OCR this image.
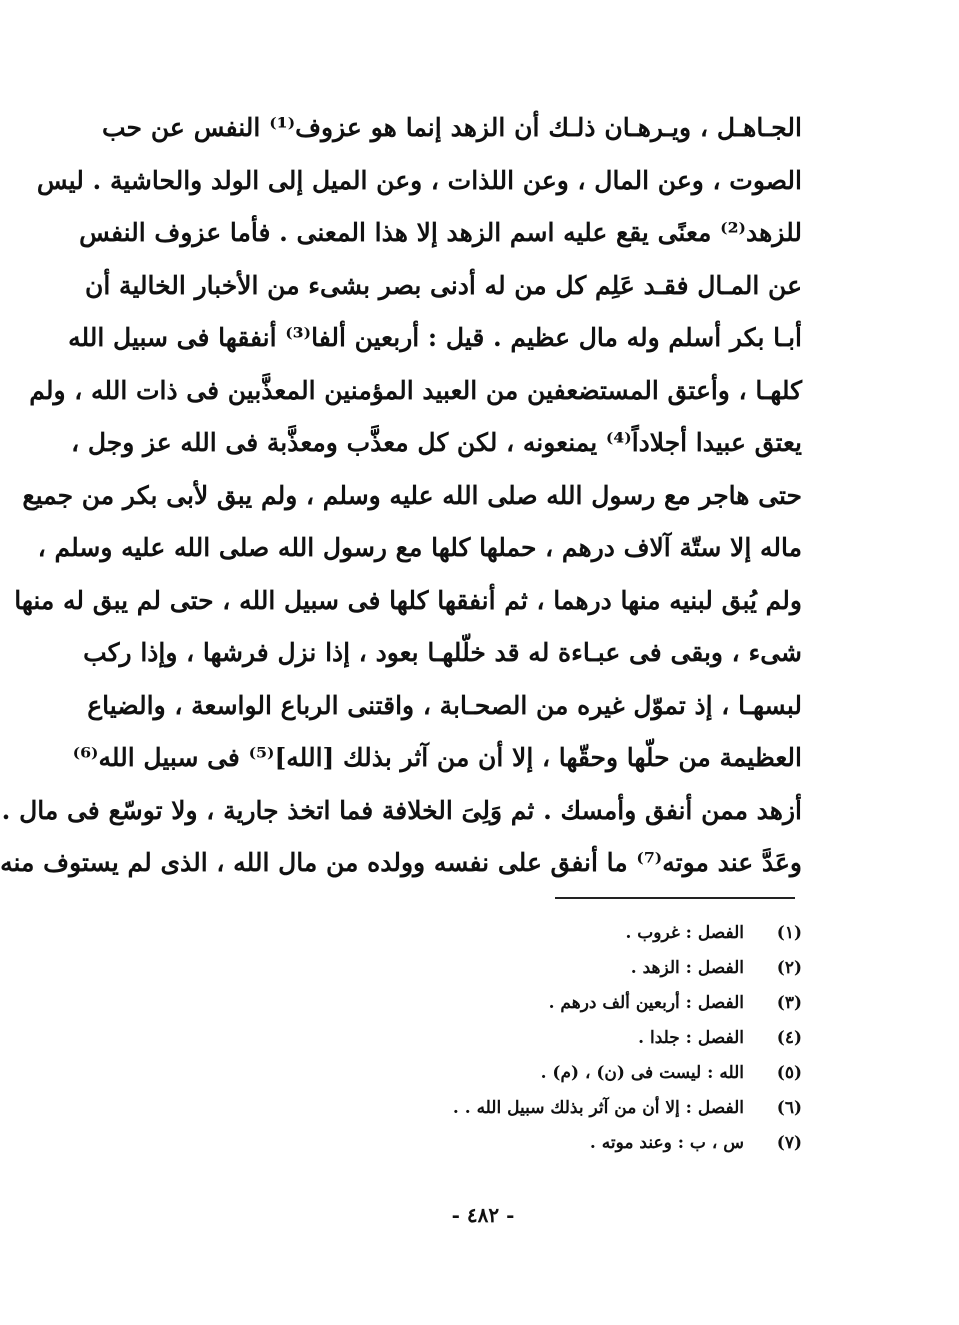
الجـاهـل ، ويـرهـان ذلـك أن الزهد إنما هو عزوف⁽¹⁾ النفس عن حب
الصوت ، وعن المال ، وعن اللذات ، وعن الميل إلى الولد والحاشية . ليس
للزهد⁽²⁾ معنًى يقع عليه اسم الزهد إلا هذا المعنى . فأما عزوف النفس
عن المـال فقـد عَلِم كل من له أدنى بصر بشىء من الأخبار الخالية أن
أبـا بكر أسلم وله مال عظيم . قيل : أربعين ألفا⁽³⁾ أنفقها فى سبيل الله
كلهـا ، وأعتق المستضعفين من العبيد المؤمنين المعذَّبين فى ذات الله ، ولم
يعتق عبيدا أجلاداً⁽⁴⁾ يمنعونه ، لكن كل معذَّب ومعذَّبة فى الله عز وجل ،
حتى هاجر مع رسول الله صلى الله عليه وسلم ، ولم يبق لأبى بكر من جميع
ماله إلا ستّة آلاف درهم ، حملها كلها مع رسول الله صلى الله عليه وسلم ،
ولم يُبق لبنيه منها درهما ، ثم أنفقها كلها فى سبيل الله ، حتى لم يبق له منها
شىء ، وبقى فى عبـاءة له قد خلّلهـا بعود ، إذا نزل فرشها ، وإذا ركب
لبسهـا ، إذ تموّل غيره من الصحـابة ، واقتنى الرباع الواسعة ، والضياع
العظيمة من حلّها وحقّها ، إلا أن من آثر بذلك [الله]⁽⁵⁾ فى سبيل الله⁽⁶⁾
أزهد ممن أنفق وأمسك . ثم وَلِىَ الخلافة فما اتخذ جارية ، ولا توسّع فى مال .
وعَدَّ عند موته⁽⁷⁾ ما أنفق على نفسه وولده من مال الله ، الذى لم يستوف منه
(١)
الفصل : غروب .
(٢)
الفصل : الزهد .
(٣)
الفصل : أربعين ألف درهم .
(٤)
الفصل : جلدا .
(٥)
الله : ليست فى (ن) ، (م) .
(٦)
الفصل : إلا أن من آثر بذلك سبيل الله . .
(٧)
س ، ب : وعند موته .
- ٤٨٢ -
